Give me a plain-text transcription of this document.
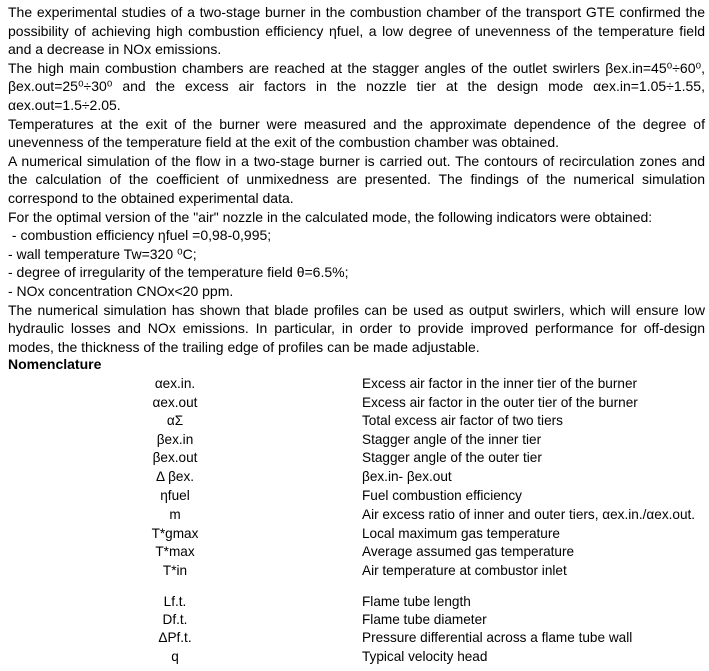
The experimental studies of a two-stage burner in the combustion chamber of the transport GTE confirmed the possibility of achieving high combustion efficiency ηfuel, a low degree of unevenness of the temperature field and a decrease in NOx emissions.

The high main combustion chambers are reached at the stagger angles of the outlet swirlers βex.in=45⁰÷60⁰, βex.out=25⁰÷30⁰ and the excess air factors in the nozzle tier at the design mode αex.in=1.05÷1.55, αex.out=1.5÷2.05.

Temperatures at the exit of the burner were measured and the approximate dependence of the degree of unevenness of the temperature field at the exit of the combustion chamber was obtained.

A numerical simulation of the flow in a two-stage burner is carried out. The contours of recirculation zones and the calculation of the coefficient of unmixedness are presented. The findings of the numerical simulation correspond to the obtained experimental data.

For the optimal version of the "air" nozzle in the calculated mode, the following indicators were obtained:

- combustion efficiency ηfuel =0,98-0,995;

- wall temperature Tw=320 ⁰C;

- degree of irregularity of the temperature field θ=6.5%;

- NOx concentration CNOx<20 ppm.

The numerical simulation has shown that blade profiles can be used as output swirlers, which will ensure low hydraulic losses and NOx emissions. In particular, in order to provide improved performance for off-design modes, the thickness of the trailing edge of profiles can be made adjustable.

Nomenclature
αex.in.	Excess air factor in the inner tier of the burner
αex.out	Excess air factor in the outer tier of the burner
αΣ	Total excess air factor of two tiers
βex.in	Stagger angle of the inner tier
βex.out	Stagger angle of the outer tier
Δ βex.	βex.in- βex.out
ηfuel	Fuel combustion efficiency
m	Air excess ratio of inner and outer tiers, αex.in./αex.out.
T*gmax	Local maximum gas temperature
T*max	Average assumed gas temperature
T*in	Air temperature at combustor inlet
Lf.t.	Flame tube length
Df.t.	Flame tube diameter
ΔPf.t.	Pressure differential across a flame tube wall
q	Typical velocity head
